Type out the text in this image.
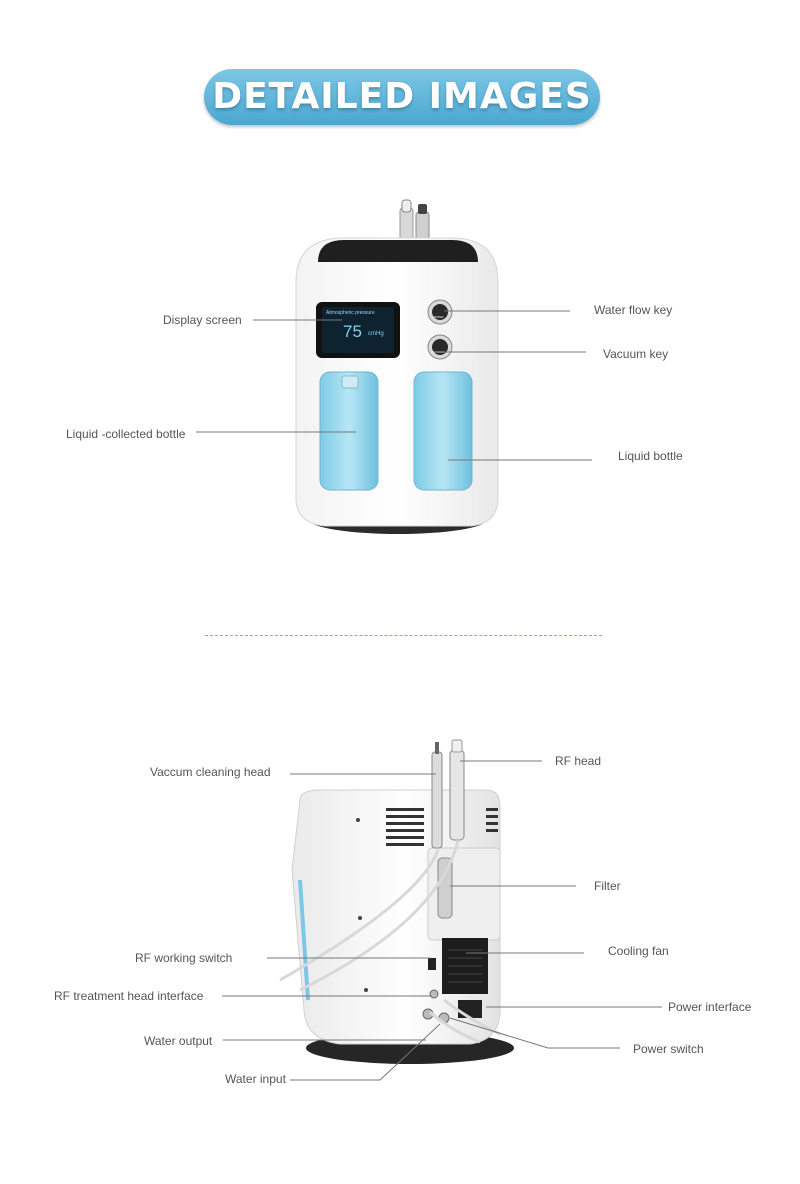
DETAILED IMAGES
Atmospheric pressure
75 cmHg
WATER
VACUUM
Display screen
Water flow key
Vacuum key
Liquid -collected bottle
Liquid bottle
Vaccum cleaning head
RF head
Filter
Cooling fan
RF working switch
RF treatment head interface
Power interface
Water output
Power switch
Water input
